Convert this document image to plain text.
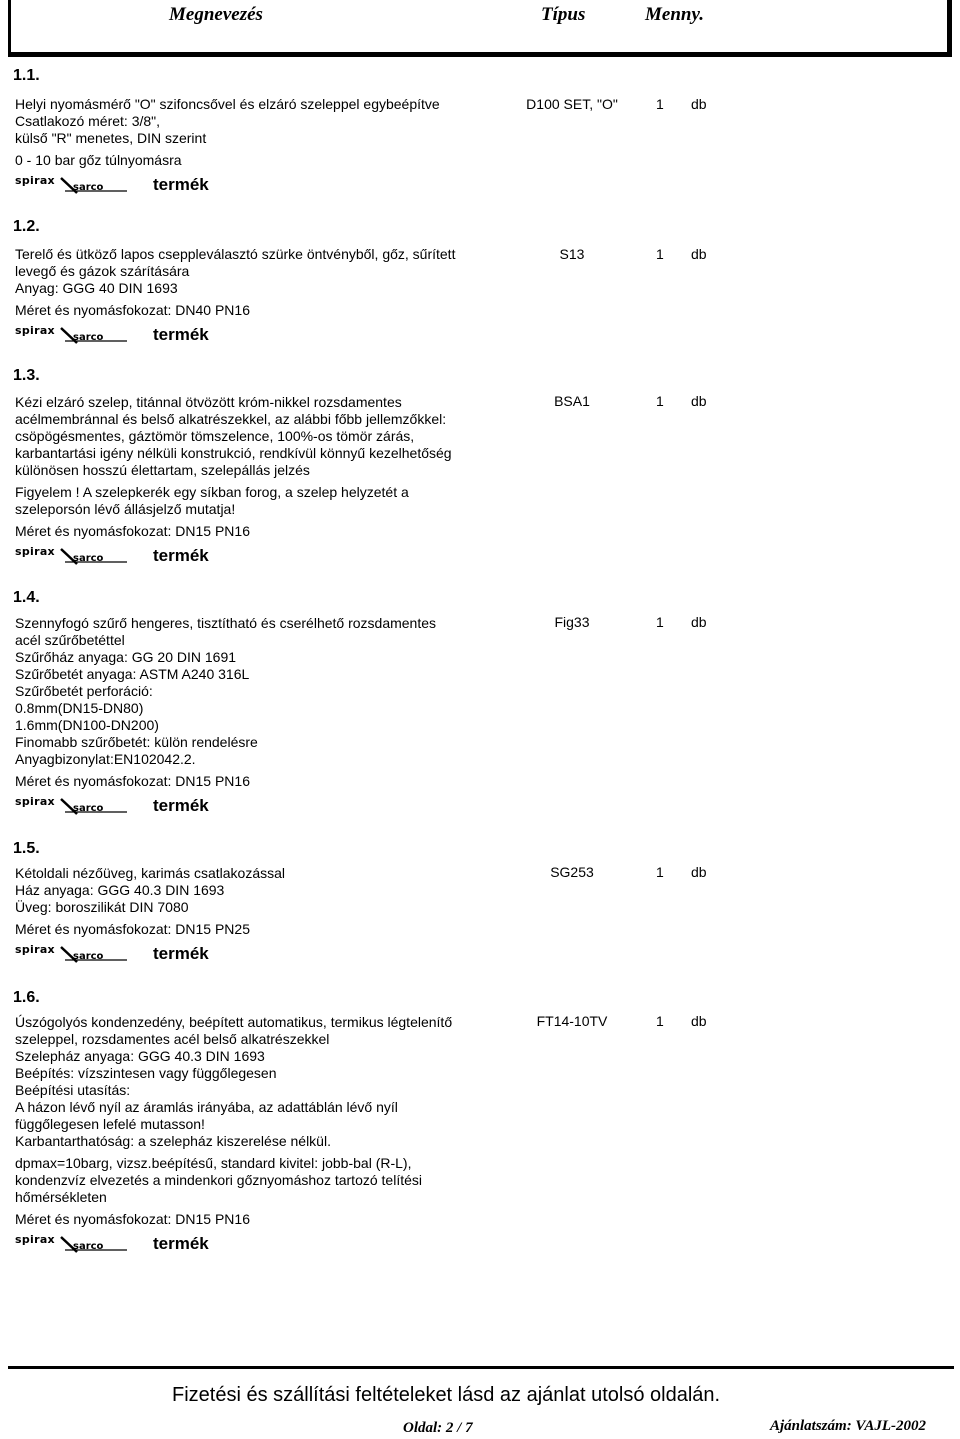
Megnevezés	Típus	Menny.
1.1.
Helyi nyomásmérő "O" szifoncsővel és elzáró szeleppel egybeépítve
Csatlakozó méret: 3/8",
külső "R" menetes, DIN szerint
0 - 10 bar gőz túlnyomásra
spirax
sarco	termék
D100 SET, "O"	1 db
1.2.
Terelő és ütköző lapos cseppleválasztó szürke öntvényből, gőz, sűrített
levegő és gázok szárítására
Anyag: GGG 40 DIN 1693
Méret és nyomásfokozat: DN40 PN16
spirax
sarco	termék
S13	1 db
1.3.
Kézi elzáró szelep, titánnal ötvözött króm-nikkel rozsdamentes
acélmembránnal és belső alkatrészekkel, az alábbi főbb jellemzőkkel:
csöpögésmentes, gáztömör tömszelence, 100%-os tömör zárás,
karbantartási igény nélküli konstrukció, rendkívül könnyű kezelhetőség
különösen hosszú élettartam, szelepállás jelzés
Figyelem ! A szelepkerék egy síkban forog, a szelep helyzetét a
szeleporsón lévő állásjelző mutatja!
Méret és nyomásfokozat: DN15 PN16
spirax
sarco	termék
BSA1	1 db
1.4.
Szennyfogó szűrő hengeres, tisztítható és cserélhető rozsdamentes
acél szűrőbetéttel
Szűrőház anyaga: GG 20 DIN 1691
Szűrőbetét anyaga: ASTM A240 316L
Szűrőbetét perforáció:
0.8mm(DN15-DN80)
1.6mm(DN100-DN200)
Finomabb szűrőbetét: külön rendelésre
Anyagbizonylat:EN102042.2.
Méret és nyomásfokozat: DN15 PN16
spirax
sarco	termék
Fig33	1 db
1.5.
Kétoldali nézőüveg, karimás csatlakozással
Ház anyaga: GGG 40.3 DIN 1693
Üveg: boroszilikát DIN 7080
Méret és nyomásfokozat: DN15 PN25
spirax
sarco	termék
SG253	1 db
1.6.
Úszógolyós kondenzedény, beépített automatikus, termikus légtelenítő
szeleppel, rozsdamentes acél belső alkatrészekkel
Szelepház anyaga: GGG 40.3 DIN 1693
Beépítés: vízszintesen vagy függőlegesen
Beépítési utasítás:
A házon lévő nyíl az áramlás irányába, az adattáblán lévő nyíl
függőlegesen lefelé mutasson!
Karbantarthatóság: a szelepház kiszerelése nélkül.
dpmax=10barg, vizsz.beépítésű, standard kivitel: jobb-bal (R-L),
kondenzvíz elvezetés a mindenkori gőznyomáshoz tartozó telítési
hőmérsékleten
Méret és nyomásfokozat: DN15 PN16
spirax
sarco	termék
FT14-10TV	1 db
Fizetési és szállítási feltételeket lásd az ajánlat utolsó oldalán.
Oldal: 2 / 7	Ajánlatszám: VAJL-2002
